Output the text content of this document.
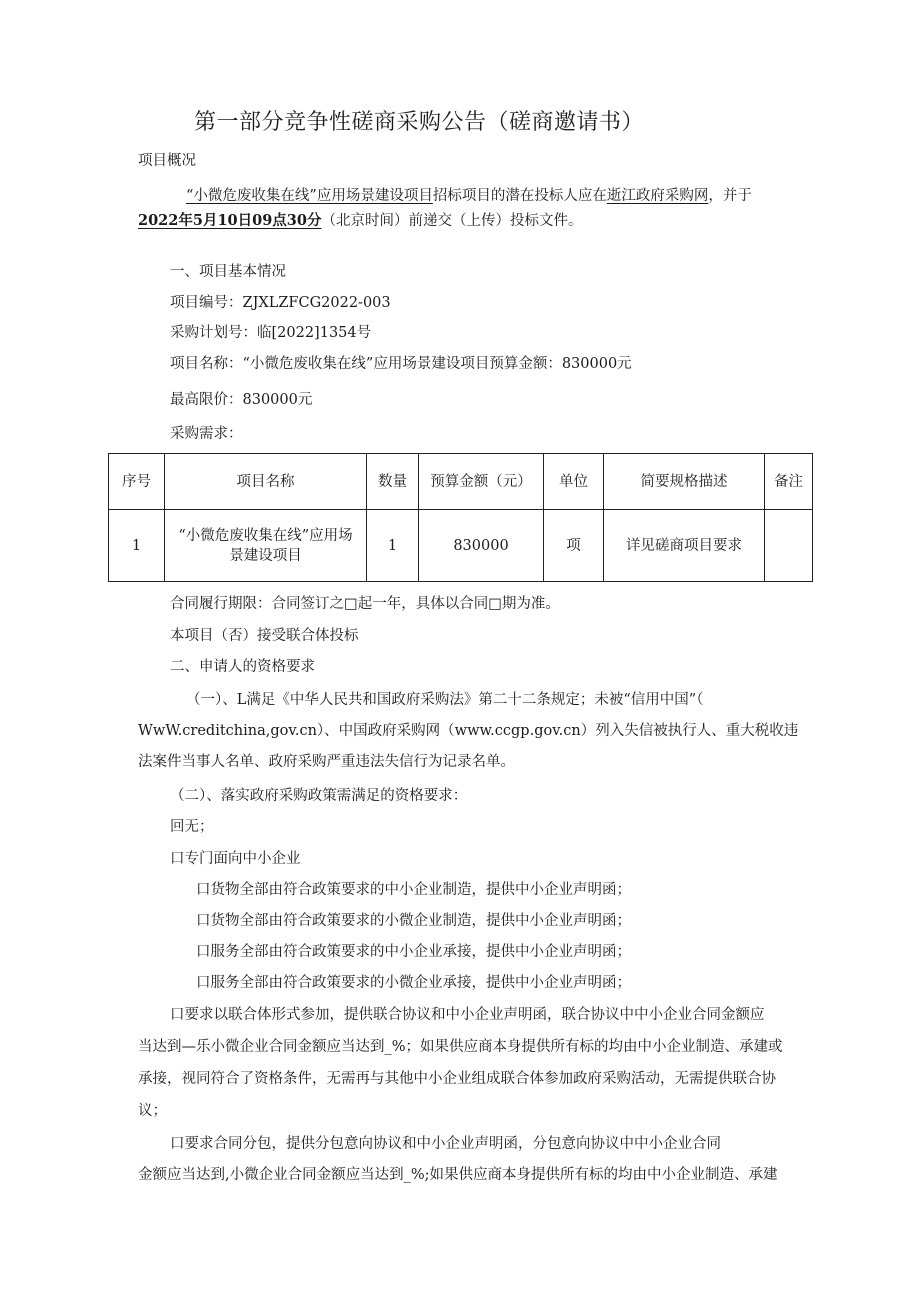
第一部分竞争性磋商采购公告（磋商邀请书）
项目概况
“小微危废收集在线”应用场景建设项目招标项目的潜在投标人应在逝江政府采购网，并于
2022年5月10日09点30分（北京时间）前递交（上传）投标文件。
一、项目基本情况
项目编号：ZJXLZFCG2022-003
采购计划号：临[2022]1354号
项目名称：“小微危废收集在线”应用场景建设项目预算金额：830000元
最高限价：830000元
采购需求：
序号	项目名称	数量	预算金额（元）	单位	简要规格描述	备注
1	“小微危废收集在线”应用场景建设项目	1	830000	项	详见磋商项目要求	
合同履行期限：合同签订之□起一年，具体以合同□期为准。
本项目（否）接受联合体投标
二、申请人的资格要求
（一）、L满足《中华人民共和国政府采购法》第二十二条规定；未被“信用中国”（
WwW.creditchina,gov.cn）、中国政府采购网（www.ccgp.gov.cn）列入失信被执行人、重大税收违
法案件当事人名单、政府采购严重违法失信行为记录名单。
（二）、落实政府采购政策需满足的资格要求：
回无；
口专门面向中小企业
口货物全部由符合政策要求的中小企业制造，提供中小企业声明函；
口货物全部由符合政策要求的小微企业制造，提供中小企业声明函；
口服务全部由符合政策要求的中小企业承接，提供中小企业声明函；
口服务全部由符合政策要求的小微企业承接，提供中小企业声明函；
口要求以联合体形式参加，提供联合协议和中小企业声明函，联合协议中中小企业合同金额应
当达到—乐小微企业合同金额应当达到_%；如果供应商本身提供所有标的均由中小企业制造、承建或
承接，视同符合了资格条件，无需再与其他中小企业组成联合体参加政府采购活动，无需提供联合协
议；
口要求合同分包，提供分包意向协议和中小企业声明函，分包意向协议中中小企业合同
金额应当达到,小微企业合同金额应当达到_%;如果供应商本身提供所有标的均由中小企业制造、承建
